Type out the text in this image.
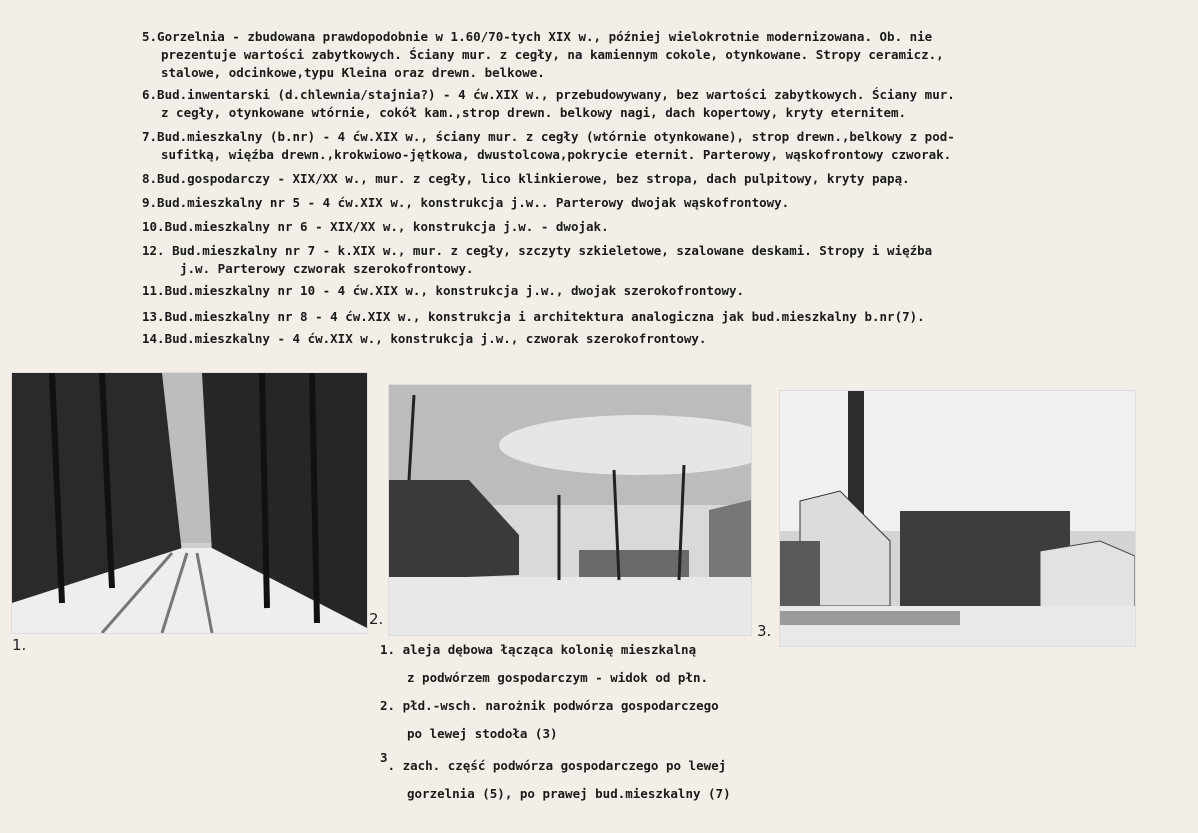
5.Gorzelnia - zbudowana prawdopodobnie w 1.60/70-tych XIX w., później wielokrotnie modernizowana. Ob. nie
prezentuje wartości zabytkowych. Ściany mur. z cegły, na kamiennym cokole, otynkowane. Stropy ceramicz.,
stalowe, odcinkowe,typu Kleina oraz drewn. belkowe.
6.Bud.inwentarski (d.chlewnia/stajnia?) - 4 ćw.XIX w., przebudowywany, bez wartości zabytkowych. Ściany mur.
z cegły, otynkowane wtórnie, cokół kam.,strop drewn. belkowy nagi, dach kopertowy, kryty eternitem.
7.Bud.mieszkalny (b.nr) - 4 ćw.XIX w., ściany mur. z cegły (wtórnie otynkowane), strop drewn.,belkowy z pod-
sufitką, więźba drewn.,krokwiowo-jętkowa, dwustolcowa,pokrycie eternit. Parterowy, wąskofrontowy czworak.
8.Bud.gospodarczy - XIX/XX w., mur. z cegły, lico klinkierowe, bez stropa, dach pulpitowy, kryty papą.
9.Bud.mieszkalny nr 5 - 4 ćw.XIX w., konstrukcja j.w.. Parterowy dwojak wąskofrontowy.
10.Bud.mieszkalny nr 6 - XIX/XX w., konstrukcja j.w. - dwojak.
12. Bud.mieszkalny nr 7 - k.XIX w., mur. z cegły, szczyty szkieletowe, szalowane deskami. Stropy i więźba
j.w. Parterowy czworak szerokofrontowy.
11.Bud.mieszkalny nr 10 - 4 ćw.XIX w., konstrukcja j.w., dwojak szerokofrontowy.
13.Bud.mieszkalny nr 8 - 4 ćw.XIX w., konstrukcja i architektura analogiczna jak bud.mieszkalny b.nr(7).
14.Bud.mieszkalny - 4 ćw.XIX w., konstrukcja j.w., czworak szerokofrontowy.
1.
2.
3.
1. aleja dębowa łącząca kolonię mieszkalną
z podwórzem gospodarczym - widok od płn.
2. płd.-wsch. narożnik podwórza gospodarczego
po lewej stodoła (3)
3. zach. część podwórza gospodarczego po lewej
gorzelnia (5), po prawej bud.mieszkalny (7)
